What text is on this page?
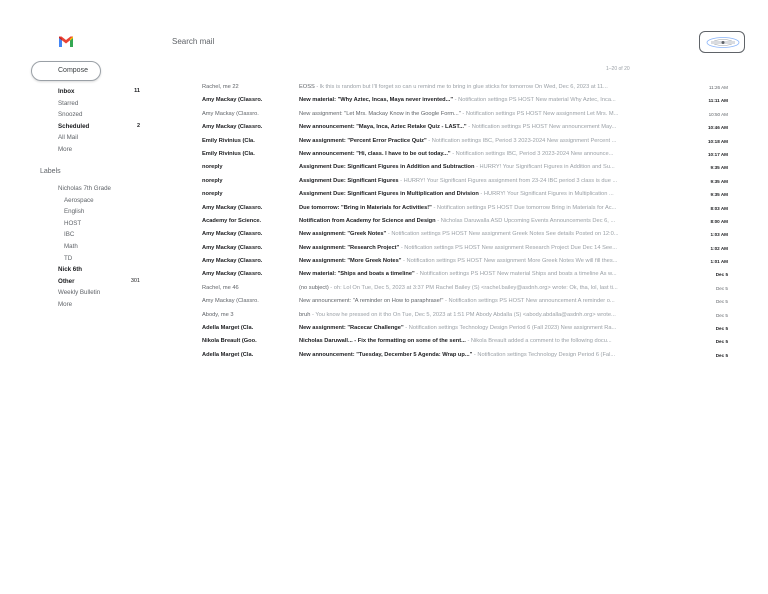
Search mail
Compose
Inbox	11
Starred
Snoozed
Scheduled	2
All Mail
More
Labels
Nicholas 7th Grade
Aerospace
English
HOST
IBC
Math
TD
Nick 6th
Other	301
Weekly Bulletin
More
1–20 of 20
Rachel, me 22	EOSS - lk this is random but I'll forget so can u remind me to bring in glue sticks for tomorrow On Wed, Dec 6, 2023 at 11...	11:26 AM
Amy Mackay (Classro.	New material: "Why Aztec, Incas, Maya never invented..." - Notification settings PS HOST New material Why Aztec, Inca...	11:11 AM
Amy Mackay (Classro.	New assignment: "Let Mrs. Mackay Know in the Google Form..." - Notification settings PS HOST New assignment Let Mrs. M...	10:50 AM
Amy Mackay (Classro.	New announcement: "Maya, Inca, Aztec Retake Quiz - LAST..." - Notification settings PS HOST New announcement May...	10:46 AM
Emily Rivinius (Cla.	New assignment: "Percent Error Practice Quiz" - Notification settings IBC, Period 3 2023-2024 New assignment Percent ...	10:18 AM
Emily Rivinius (Cla.	New announcement: "Hi, class. I have to be out today..." - Notification settings IBC, Period 3 2023-2024 New announce...	10:17 AM
noreply	Assignment Due: Significant Figures in Addition and Subtraction - HURRY! Your Significant Figures in Addition and Su...	9:35 AM
noreply	Assignment Due: Significant Figures - HURRY! Your Significant Figures assignment from 23-24 IBC period 3 class is due ...	9:35 AM
noreply	Assignment Due: Significant Figures in Multiplication and Division - HURRY! Your Significant Figures in Multiplication ...	9:35 AM
Amy Mackay (Classro.	Due tomorrow: "Bring in Materials for Activities!" - Notification settings PS HOST Due tomorrow Bring in Materials for Ac...	8:03 AM
Academy for Science.	Notification from Academy for Science and Design - Nicholas Daruwalla ASD Upcoming Events Announcements Dec 6, ...	8:00 AM
Amy Mackay (Classro.	New assignment: "Greek Notes" - Notification settings PS HOST New assignment Greek Notes See details Posted on 12:0...	1:03 AM
Amy Mackay (Classro.	New assignment: "Research Project" - Notification settings PS HOST New assignment Research Project Due Dec 14 See...	1:02 AM
Amy Mackay (Classro.	New assignment: "More Greek Notes" - Notification settings PS HOST New assignment More Greek Notes We will fill thes...	1:01 AM
Amy Mackay (Classro.	New material: "Ships and boats a timeline" - Notification settings PS HOST New material Ships and boats a timeline As w...	Dec 5
Rachel, me 46	(no subject) - oh: Lol On Tue, Dec 5, 2023 at 3:37 PM Rachel Bailey (S) <rachel.bailey@asdnh.org> wrote: Ok, tha, lol, last ti...	Dec 5
Amy Mackay (Classro.	New announcement: "A reminder on How to paraphrase!" - Notification settings PS HOST New announcement A reminder o...	Dec 5
Abody, me 3	bruh - You know he pressed on it tho On Tue, Dec 5, 2023 at 1:51 PM Abody Abdalla (S) <abody.abdalla@asdnh.org> wrote...	Dec 5
Adella Marget (Cla.	New assignment: "Racecar Challenge" - Notification settings Technology Design Period 6 (Fall 2023) New assignment Ra...	Dec 5
Nikola Breault (Goo.	Nicholas Daruwall... - Fix the formatting on some of the sent... - Nikola Breault added a comment to the following docu...	Dec 5
Adella Marget (Cla.	New announcement: "Tuesday, December 5 Agenda: Wrap up..." - Notification settings Technology Design Period 6 (Fal...	Dec 5
